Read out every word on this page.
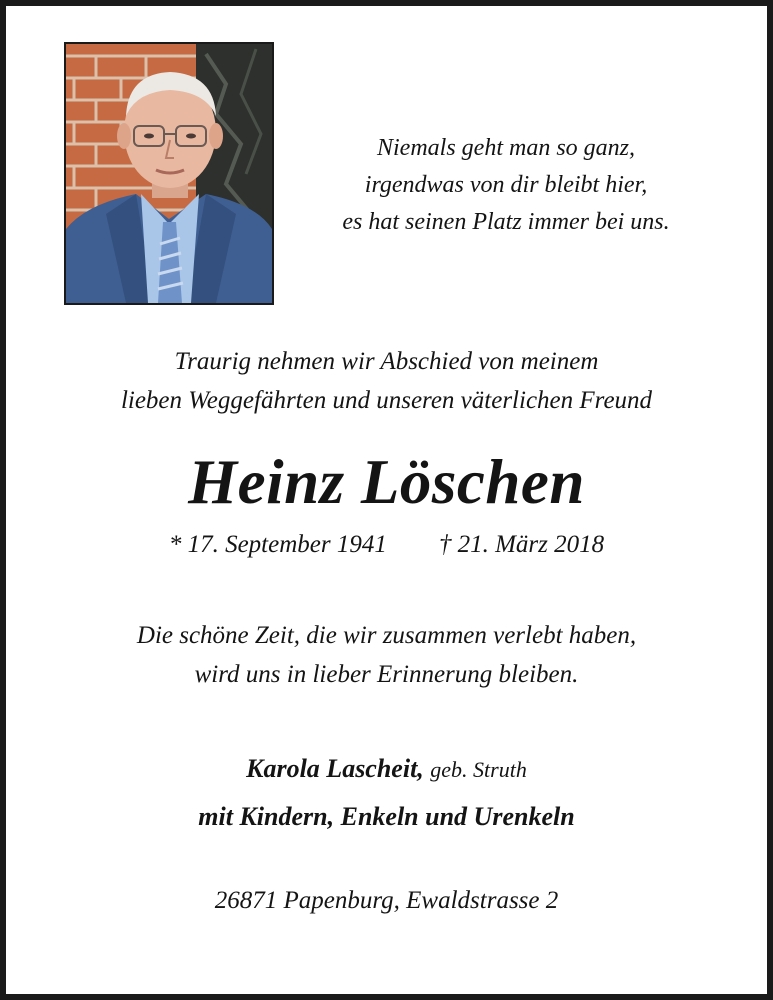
Niemals geht man so ganz,
irgendwas von dir bleibt hier,
es hat seinen Platz immer bei uns.
Traurig nehmen wir Abschied von meinem
lieben Weggefährten und unseren väterlichen Freund
Heinz Löschen
* 17. September 1941 † 21. März 2018
Die schöne Zeit, die wir zusammen verlebt haben,
wird uns in lieber Erinnerung bleiben.
Karola Lascheit, geb. Struth
mit Kindern, Enkeln und Urenkeln
26871 Papenburg, Ewaldstrasse 2
